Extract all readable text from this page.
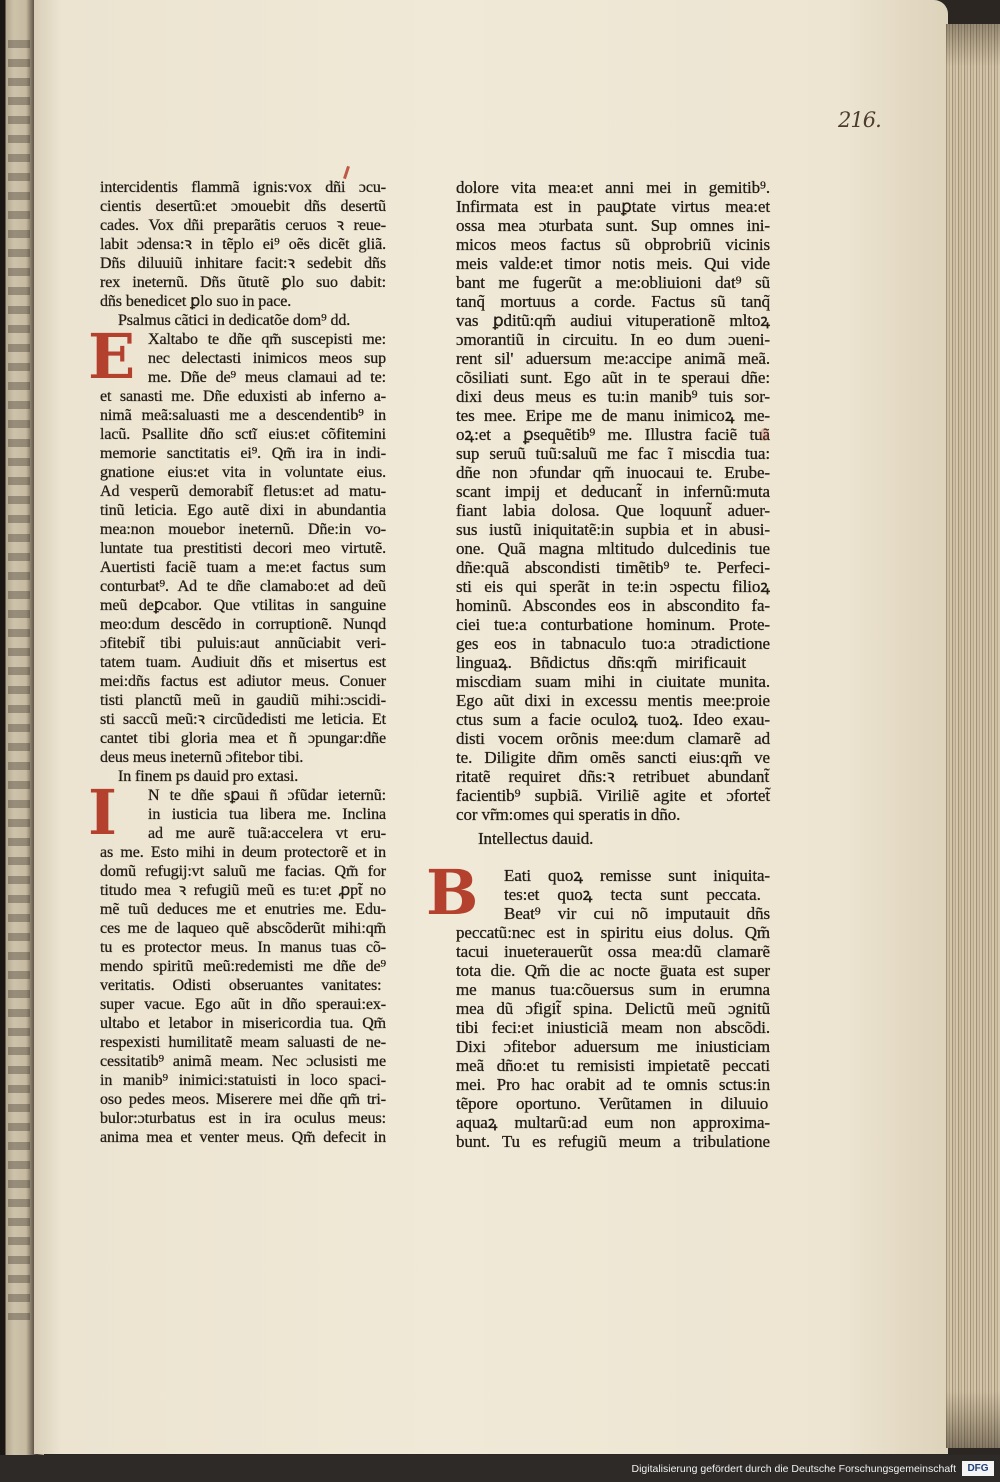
216.
intercidentis flammã ignis:vox dñi ɔcu-
cientis desertũ:et ɔmouebit dñs desertũ
cades. Vox dñi preparãtis ceruos ꝛ reue-
labit ɔdensa:ꝛ in tẽplo ei⁹ oẽs dicẽt gliã.
Dñs diluuiũ inhitare facit:ꝛ sedebit dñs
rex ineternũ. Dñs ũtutẽ ꝑlo suo dabit:
dñs benedicet ꝑlo suo in pace.
Psalmus cãtici in dedicatõe dom⁹ dd.
E Xaltabo te dñe qm̃ suscepisti me:
nec delectasti inimicos meos sup
me. Dñe de⁹ meus clamaui ad te:
et sanasti me. Dñe eduxisti ab inferno a-
nimã meã:saluasti me a descendentib⁹ in
lacũ. Psallite dño sctĩ eius:et cõfitemini
memorie sanctitatis ei⁹. Qm̃ ira in indi-
gnatione eius:et vita in voluntate eius.
Ad vesperũ demorabit̃ fletus:et ad matu-
tinũ leticia. Ego autẽ dixi in abundantia
mea:non mouebor ineternũ. Dñe:in vo-
luntate tua prestitisti decori meo virtutẽ.
Auertisti faciẽ tuam a me:et factus sum
conturbat⁹. Ad te dñe clamabo:et ad deũ
meũ deꝑcabor. Que vtilitas in sanguine
meo:dum descẽdo in corruptionẽ. Nunqd
ɔfitebit̃ tibi puluis:aut annũciabit veri-
tatem tuam. Audiuit dñs et misertus est
mei:dñs factus est adiutor meus. Conuer
tisti planctũ meũ in gaudiũ mihi:ɔscidi-
sti saccũ meũ:ꝛ circũdedisti me leticia. Et
cantet tibi gloria mea et ñ ɔpungar:dñe
deus meus ineternũ ɔfitebor tibi.
In finem ps dauid pro extasi.
I	N te dñe sꝑaui ñ ɔfũdar ieternũ:
in iusticia tua libera me. Inclina
ad me aurẽ tuã:accelera vt eru-
as me. Esto mihi in deum protectorẽ et in
domũ refugij:vt saluũ me facias. Qm̃ for
titudo mea ꝛ refugiũ meũ es tu:et ꝓpt̃ no
mẽ tuũ deduces me et enutries me. Edu-
ces me de laqueo quẽ abscõderũt mihi:qm̃
tu es protector meus. In manus tuas cõ-
mendo spiritũ meũ:redemisti me dñe de⁹
veritatis. Odisti obseruantes vanitates:
super vacue. Ego aũt in dño speraui:ex-
ultabo et letabor in misericordia tua. Qm̃
respexisti humilitatẽ meam saluasti de ne-
cessitatib⁹ animã meam. Nec ɔclusisti me
in manib⁹ inimici:statuisti in loco spaci-
oso pedes meos. Miserere mei dñe qm̃ tri-
bulor:ɔturbatus est in ira oculus meus:
anima mea et venter meus. Qm̃ defecit in
dolore vita mea:et anni mei in gemitib⁹.
Infirmata est in pauꝑtate virtus mea:et
ossa mea ɔturbata sunt. Sup omnes ini-
micos meos factus sũ obprobriũ vicinis
meis valde:et timor notis meis. Qui vide
bant me fugerũt a me:obliuioni dat⁹ sũ
tanq̃ mortuus a corde. Factus sũ tanq̃
vas ꝑditũ:qm̃ audiui vituperationẽ mltoꝝ
ɔmorantiũ in circuitu. In eo dum ɔueni-
rent sil' aduersum me:accipe animã meã.
cõsiliati sunt. Ego aũt in te speraui dñe:
dixi deus meus es tu:in manib⁹ tuis sor-
tes mee. Eripe me de manu inimicoꝝ me-
oꝝ:et a ꝑsequẽtib⁹ me. Illustra faciẽ tuã
sup seruũ tuũ:saluũ me fac ĩ miscdia tua:
dñe non ɔfundar qm̃ inuocaui te. Erube-
scant impij et deducant̃ in infernũ:muta
fiant labia dolosa. Que loquunt̃ aduer-
sus iustũ iniquitatẽ:in supbia et in abusi-
one. Quã magna mltitudo dulcedinis tue
dñe:quã abscondisti timẽtib⁹ te. Perfeci-
sti eis qui sperãt in te:in ɔspectu filioꝝ
hominũ. Abscondes eos in abscondito fa-
ciei tue:a conturbatione hominum. Prote-
ges eos in tabnaculo tuo:a ɔtradictione
linguaꝝ. Bñdictus dñs:qm̃ mirificauit
miscdiam suam mihi in ciuitate munita.
Ego aũt dixi in excessu mentis mee:proie
ctus sum a facie oculoꝝ tuoꝝ. Ideo exau-
disti vocem orõnis mee:dum clamarẽ ad
te. Diligite dñm omẽs sancti eius:qm̃ ve
ritatẽ requiret dñs:ꝛ retribuet abundant̃
facientib⁹ supbiã. Viriliẽ agite et ɔfortet̃
cor vr̃m:omes qui speratis in dño.
Intellectus dauid.
B	Eati quoꝝ remisse sunt iniquita-
tes:et quoꝝ tecta sunt peccata.
Beat⁹ vir cui nõ imputauit dñs
peccatũ:nec est in spiritu eius dolus. Qm̃
tacui inueterauerũt ossa mea:dũ clamarẽ
tota die. Qm̃ die ac nocte ḡuata est super
me manus tua:cõuersus sum in erumna
mea dũ ɔfigit̃ spina. Delictũ meũ ɔgnitũ
tibi feci:et iniusticiã meam non abscõdi.
Dixi ɔfitebor aduersum me iniusticiam
meã dño:et tu remisisti impietatẽ peccati
mei. Pro hac orabit ad te omnis sctus:in
tẽpore oportuno. Verũtamen in diluuio
aquaꝝ multarũ:ad eum non approxima-
bunt. Tu es refugiũ meum a tribulatione
Digitalisierung gefördert durch die Deutsche Forschungsgemeinschaft	DFG
